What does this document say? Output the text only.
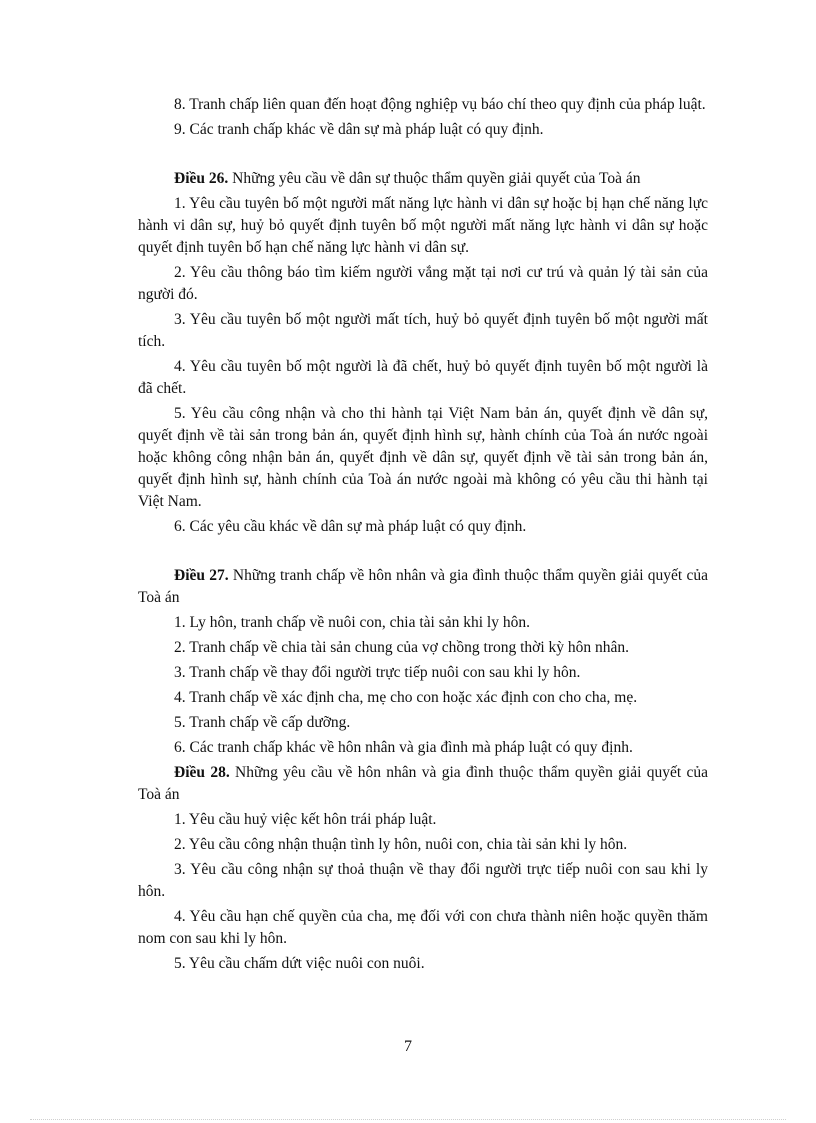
8. Tranh chấp liên quan đến hoạt động nghiệp vụ báo chí theo quy định của pháp luật.

9. Các tranh chấp khác về dân sự mà pháp luật có quy định.

Điều 26. Những yêu cầu về dân sự thuộc thẩm quyền giải quyết của Toà án

1. Yêu cầu tuyên bố một người mất năng lực hành vi dân sự hoặc bị hạn chế năng lực hành vi dân sự, huỷ bỏ quyết định tuyên bố một người mất năng lực hành vi dân sự hoặc quyết định tuyên bố hạn chế năng lực hành vi dân sự.

2. Yêu cầu thông báo tìm kiếm người vắng mặt tại nơi cư trú và quản lý tài sản của người đó.

3. Yêu cầu tuyên bố một người mất tích, huỷ bỏ quyết định tuyên bố một người mất tích.

4. Yêu cầu tuyên bố một người là đã chết, huỷ bỏ quyết định tuyên bố một người là đã chết.

5. Yêu cầu công nhận và cho thi hành tại Việt Nam bản án, quyết định về dân sự, quyết định về tài sản trong bản án, quyết định hình sự, hành chính của Toà án nước ngoài hoặc không công nhận bản án, quyết định về dân sự, quyết định về tài sản trong bản án, quyết định hình sự, hành chính của Toà án nước ngoài mà không có yêu cầu thi hành tại Việt Nam.

6. Các yêu cầu khác về dân sự mà pháp luật có quy định.

Điều 27. Những tranh chấp về hôn nhân và gia đình thuộc thẩm quyền giải quyết của Toà án

1. Ly hôn, tranh chấp về nuôi con, chia tài sản khi ly hôn.

2. Tranh chấp về chia tài sản chung của vợ chồng trong thời kỳ hôn nhân.

3. Tranh chấp về thay đổi người trực tiếp nuôi con sau khi ly hôn.

4. Tranh chấp về xác định cha, mẹ cho con hoặc xác định con cho cha, mẹ.

5. Tranh chấp về cấp dưỡng.

6. Các tranh chấp khác về hôn nhân và gia đình mà pháp luật có quy định.

Điều 28. Những yêu cầu về hôn nhân và gia đình thuộc thẩm quyền giải quyết của Toà án

1. Yêu cầu huỷ việc kết hôn trái pháp luật.

2. Yêu cầu công nhận thuận tình ly hôn, nuôi con, chia tài sản khi ly hôn.

3. Yêu cầu công nhận sự thoả thuận về thay đổi người trực tiếp nuôi con sau khi ly hôn.

4. Yêu cầu hạn chế quyền của cha, mẹ đối với con chưa thành niên hoặc quyền thăm nom con sau khi ly hôn.

5. Yêu cầu chấm dứt việc nuôi con nuôi.

7
